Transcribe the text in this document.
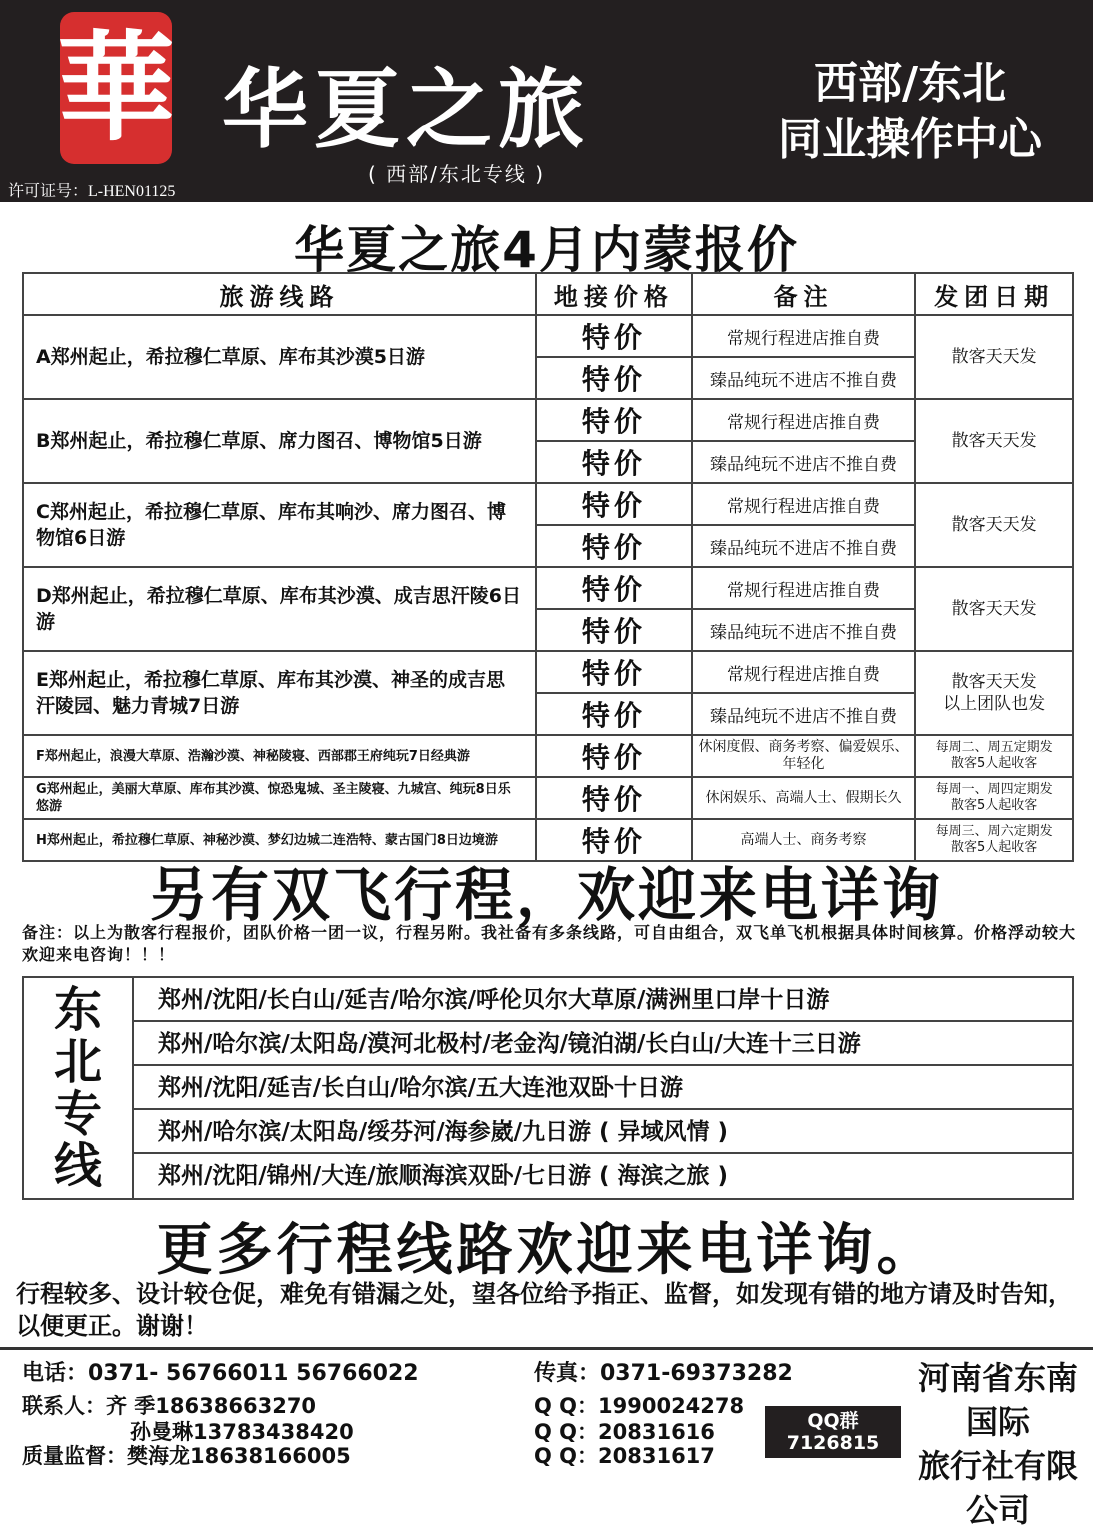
華 华夏之旅
( 西部/东北专线 )
许可证号：L-HEN01125
西部/东北
同业操作中心
华夏之旅4月内蒙报价
旅游线路	地接价格	备注	发团日期
A郑州起止，希拉穆仁草原、库布其沙漠5日游	特价	常规行程进店推自费	散客天天发
	特价	臻品纯玩不进店不推自费	
B郑州起止，希拉穆仁草原、席力图召、博物馆5日游	特价	常规行程进店推自费	散客天天发
	特价	臻品纯玩不进店不推自费	
C郑州起止，希拉穆仁草原、库布其响沙、席力图召、博物馆6日游	特价	常规行程进店推自费	散客天天发
	特价	臻品纯玩不进店不推自费	
D郑州起止，希拉穆仁草原、库布其沙漠、成吉思汗陵6日游	特价	常规行程进店推自费	散客天天发
	特价	臻品纯玩不进店不推自费	
E郑州起止，希拉穆仁草原、库布其沙漠、神圣的成吉思汗陵园、魅力青城7日游	特价	常规行程进店推自费	散客天天发
以上团队也发
	特价	臻品纯玩不进店不推自费	
F郑州起止，浪漫大草原、浩瀚沙漠、神秘陵寝、西部郡王府纯玩7日经典游	特价	休闲度假、商务考察、偏爱娱乐、年轻化	每周二、周五定期发
散客5人起收客
G郑州起止，美丽大草原、库布其沙漠、惊恐鬼城、圣主陵寝、九城宫、纯玩8日乐悠游	特价	休闲娱乐、高端人士、假期长久	每周一、周四定期发
散客5人起收客
H郑州起止，希拉穆仁草原、神秘沙漠、梦幻边城二连浩特、蒙古国门8日边境游	特价	高端人士、商务考察	每周三、周六定期发
散客5人起收客
另有双飞行程，欢迎来电详询
备注：以上为散客行程报价，团队价格一团一议，行程另附。我社备有多条线路，可自由组合，双飞单飞机根据具体时间核算。价格浮动较大欢迎来电咨询！！！
东
北
专
线
郑州/沈阳/长白山/延吉/哈尔滨/呼伦贝尔大草原/满洲里口岸十日游
郑州/哈尔滨/太阳岛/漠河北极村/老金沟/镜泊湖/长白山/大连十三日游
郑州/沈阳/延吉/长白山/哈尔滨/五大连池双卧十日游
郑州/哈尔滨/太阳岛/绥芬河/海参崴/九日游 ( 异域风情 )
郑州/沈阳/锦州/大连/旅顺海滨双卧/七日游 ( 海滨之旅 )
更多行程线路欢迎来电详询。
行程较多、设计较仓促，难免有错漏之处，望各位给予指正、监督，如发现有错的地方请及时告知，以便更正。谢谢！
电话：0371- 56766011 56766022	传真：0371-69373282
联系人：齐 季18638663270
孙曼琳13783438420
质量监督：樊海龙18638166005
Q Q：1990024278
Q Q：20831616
Q Q：20831617
QQ群
7126815
河南省东南国际
旅行社有限公司
